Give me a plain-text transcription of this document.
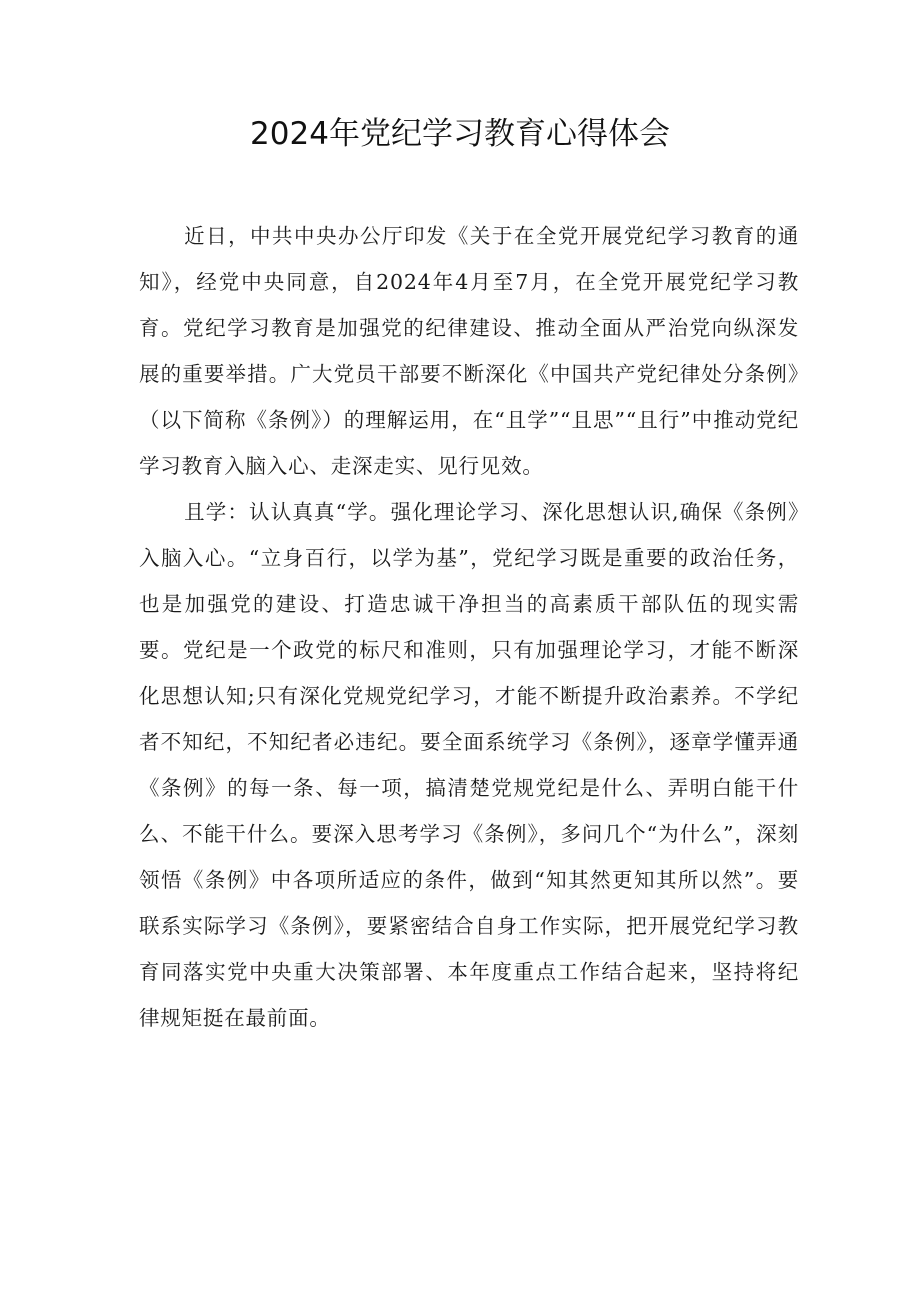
2024年党纪学习教育心得体会

近日，中共中央办公厅印发《关于在全党开展党纪学习教育的通知》，经党中央同意，自2024年4月至7月，在全党开展党纪学习教育。党纪学习教育是加强党的纪律建设、推动全面从严治党向纵深发展的重要举措。广大党员干部要不断深化《中国共产党纪律处分条例》（以下简称《条例》）的理解运用，在“且学”“且思”“且行”中推动党纪学习教育入脑入心、走深走实、见行见效。

且学：认认真真“学。强化理论学习、深化思想认识,确保《条例》入脑入心。“立身百行，以学为基”，党纪学习既是重要的政治任务，也是加强党的建设、打造忠诚干净担当的高素质干部队伍的现实需要。党纪是一个政党的标尺和准则，只有加强理论学习，才能不断深化思想认知;只有深化党规党纪学习，才能不断提升政治素养。不学纪者不知纪，不知纪者必违纪。要全面系统学习《条例》，逐章学懂弄通《条例》的每一条、每一项，搞清楚党规党纪是什么、弄明白能干什么、不能干什么。要深入思考学习《条例》，多问几个“为什么”，深刻领悟《条例》中各项所适应的条件，做到“知其然更知其所以然”。要联系实际学习《条例》，要紧密结合自身工作实际，把开展党纪学习教育同落实党中央重大决策部署、本年度重点工作结合起来，坚持将纪律规矩挺在最前面。
